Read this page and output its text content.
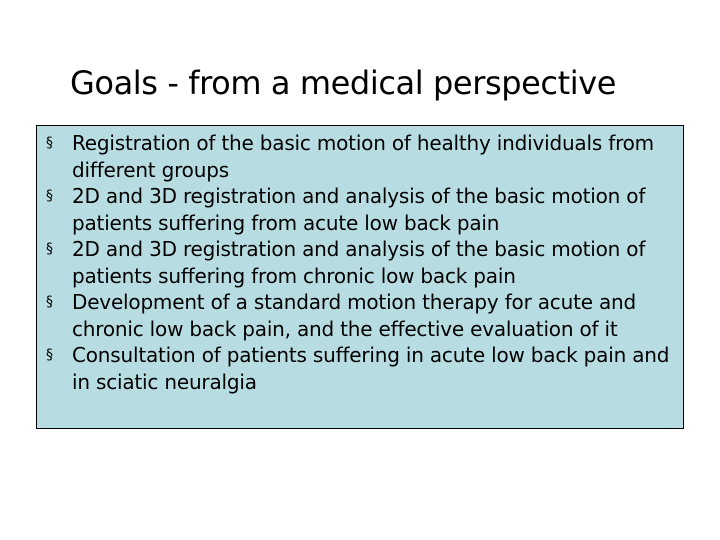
Goals - from a medical perspective
§ Registration of the basic motion of healthy individuals from different groups
§ 2D and 3D registration and analysis of the basic motion of patients suffering from acute low back pain
§ 2D and 3D registration and analysis of the basic motion of patients suffering from chronic low back pain
§ Development of a standard motion therapy for acute and chronic low back pain, and the effective evaluation of it
§ Consultation of patients suffering in acute low back pain and in sciatic neuralgia
